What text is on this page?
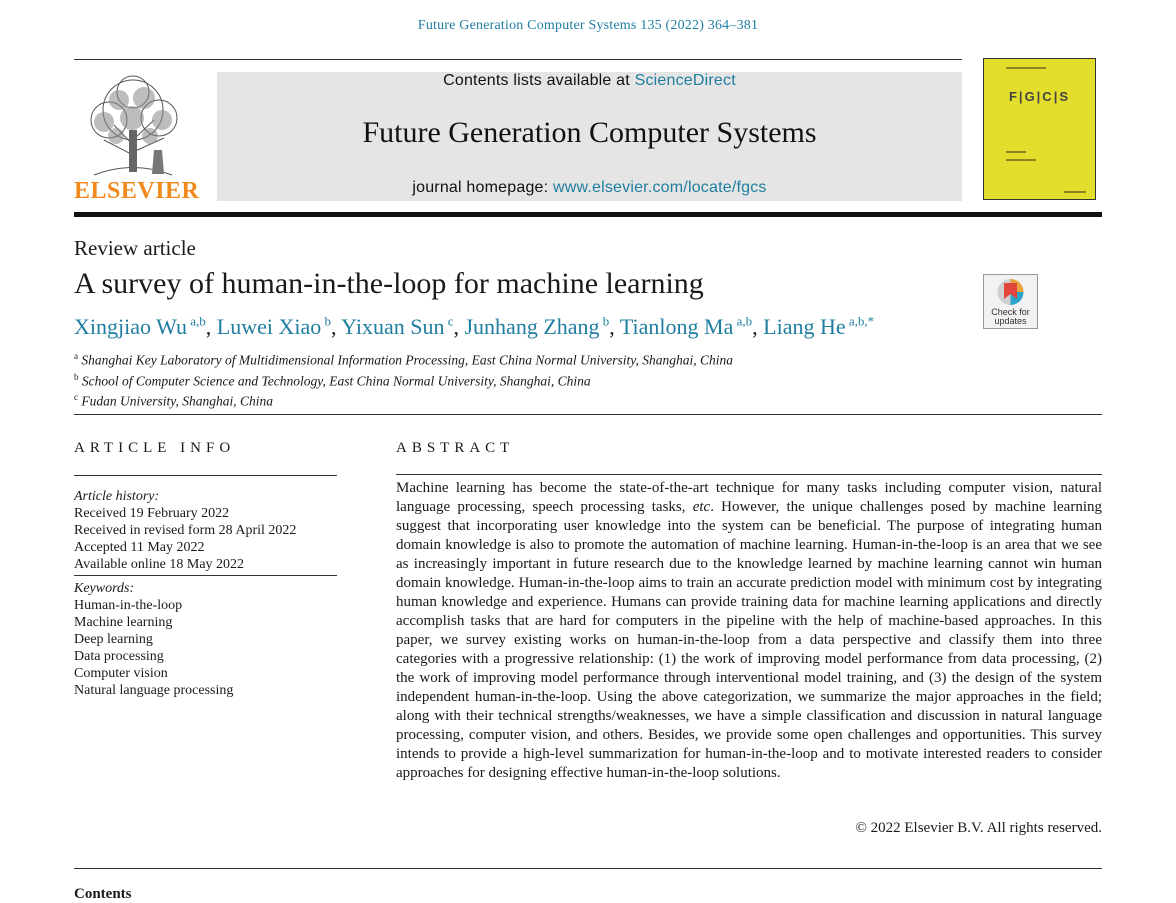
Future Generation Computer Systems 135 (2022) 364–381
ELSEVIER
Contents lists available at ScienceDirect
Future Generation Computer Systems
journal homepage: www.elsevier.com/locate/fgcs
F|G|C|S
Review article
A survey of human-in-the-loop for machine learning
Xingjiao Wu $^{a,b}$, Luwei Xiao $^b$, Yixuan Sun $^c$, Junhang Zhang $^b$, Tianlong Ma $^{a,b}$, Liang He $^{a,b,*}$
Check for
updates
$^a$ Shanghai Key Laboratory of Multidimensional Information Processing, East China Normal University, Shanghai, China
$^b$ School of Computer Science and Technology, East China Normal University, Shanghai, China
$^c$ Fudan University, Shanghai, China
ARTICLE INFO
Article history:
Received 19 February 2022
Received in revised form 28 April 2022
Accepted 11 May 2022
Available online 18 May 2022
Keywords:
Human-in-the-loop
Machine learning
Deep learning
Data processing
Computer vision
Natural language processing
ABSTRACT
Machine learning has become the state-of-the-art technique for many tasks including computer vision, natural language processing, speech processing tasks, etc. However, the unique challenges posed by machine learning suggest that incorporating user knowledge into the system can be beneficial. The purpose of integrating human domain knowledge is also to promote the automation of machine learning. Human-in-the-loop is an area that we see as increasingly important in future research due to the knowledge learned by machine learning cannot win human domain knowledge. Human-in-the-loop aims to train an accurate prediction model with minimum cost by integrating human knowledge and experience. Humans can provide training data for machine learning applications and directly accomplish tasks that are hard for computers in the pipeline with the help of machine-based approaches. In this paper, we survey existing works on human-in-the-loop from a data perspective and classify them into three categories with a progressive relationship: (1) the work of improving model performance from data processing, (2) the work of improving model performance through interventional model training, and (3) the design of the system independent human-in-the-loop. Using the above categorization, we summarize the major approaches in the field; along with their technical strengths/weaknesses, we have a simple classification and discussion in natural language processing, computer vision, and others. Besides, we provide some open challenges and opportunities. This survey intends to provide a high-level summarization for human-in-the-loop and to motivate interested readers to consider approaches for designing effective human-in-the-loop solutions.
© 2022 Elsevier B.V. All rights reserved.
Contents
